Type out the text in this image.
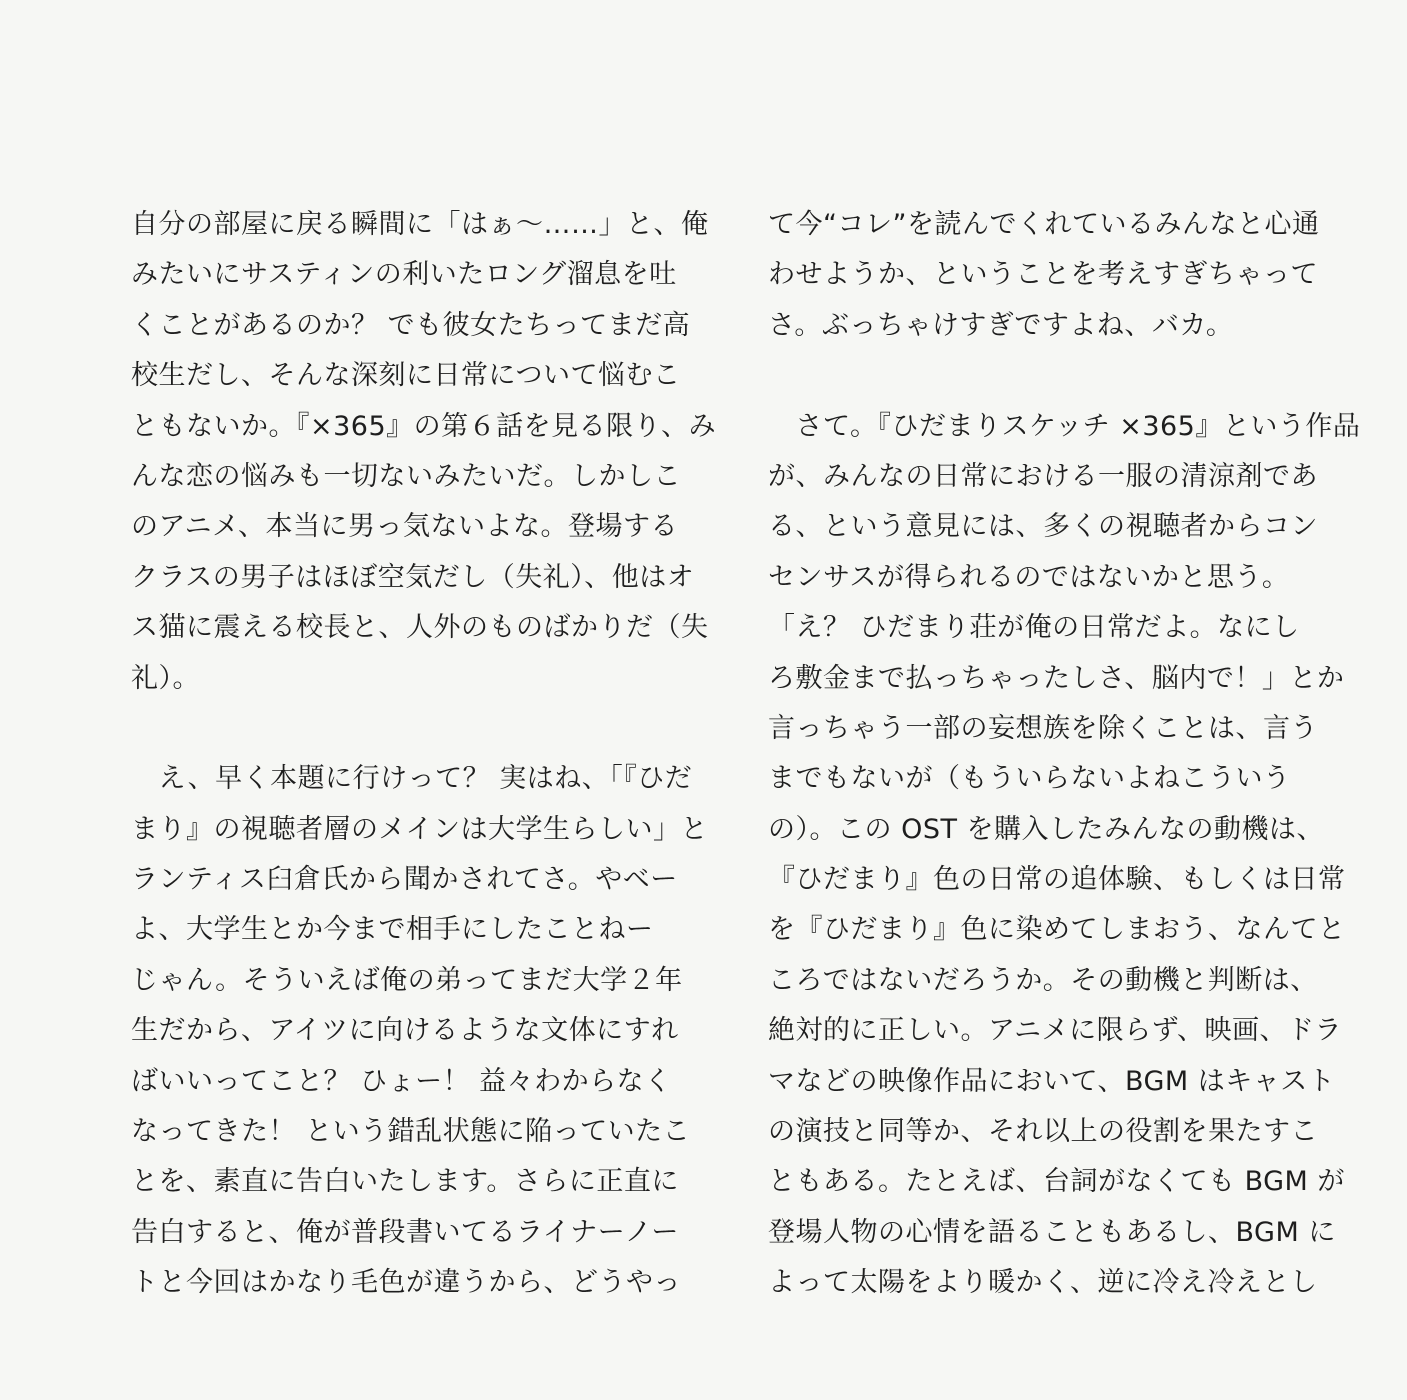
自分の部屋に戻る瞬間に「はぁ〜……」と、俺
みたいにサスティンの利いたロング溜息を吐
くことがあるのか？ でも彼女たちってまだ高
校生だし、そんな深刻に日常について悩むこ
ともないか。『×365』の第６話を見る限り、み
んな恋の悩みも一切ないみたいだ。しかしこ
のアニメ、本当に男っ気ないよな。登場する
クラスの男子はほぼ空気だし（失礼）、他はオ
ス猫に震える校長と、人外のものばかりだ（失
礼）。
　え、早く本題に行けって？ 実はね、「『ひだ
まり』の視聴者層のメインは大学生らしい」と
ランティス臼倉氏から聞かされてさ。やベー
よ、大学生とか今まで相手にしたことねー
じゃん。そういえば俺の弟ってまだ大学２年
生だから、アイツに向けるような文体にすれ
ばいいってこと？ ひょー！ 益々わからなく
なってきた！ という錯乱状態に陥っていたこ
とを、素直に告白いたします。さらに正直に
告白すると、俺が普段書いてるライナーノー
トと今回はかなり毛色が違うから、どうやっ
て今“コレ”を読んでくれているみんなと心通
わせようか、ということを考えすぎちゃって
さ。ぶっちゃけすぎですよね、バカ。
　さて。『ひだまりスケッチ ×365』という作品
が、みんなの日常における一服の清涼剤であ
る、という意見には、多くの視聴者からコン
センサスが得られるのではないかと思う。
「え？ ひだまり荘が俺の日常だよ。なにし
ろ敷金まで払っちゃったしさ、脳内で！」とか
言っちゃう一部の妄想族を除くことは、言う
までもないが（もういらないよねこういう
の）。この OST を購入したみんなの動機は、
『ひだまり』色の日常の追体験、もしくは日常
を『ひだまり』色に染めてしまおう、なんてと
ころではないだろうか。その動機と判断は、
絶対的に正しい。アニメに限らず、映画、ドラ
マなどの映像作品において、BGM はキャスト
の演技と同等か、それ以上の役割を果たすこ
ともある。たとえば、台詞がなくても BGM が
登場人物の心情を語ることもあるし、BGM に
よって太陽をより暖かく、逆に冷え冷えとし
